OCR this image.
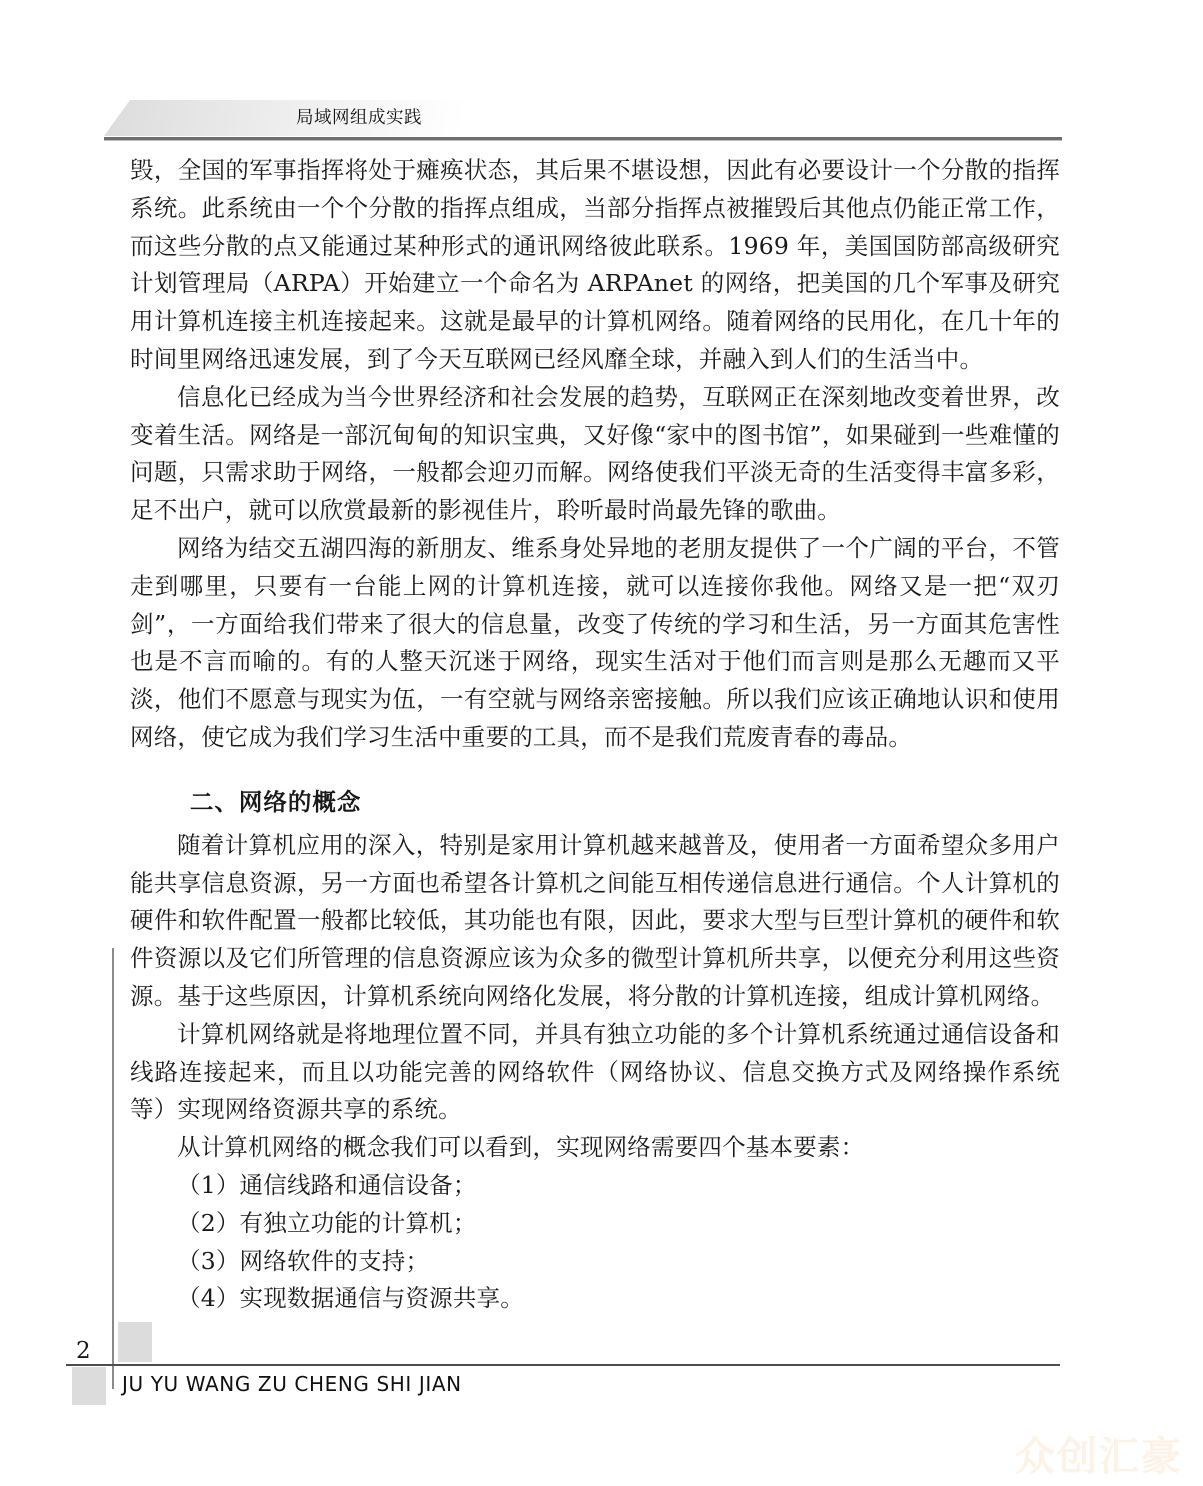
局域网组成实践

毁，全国的军事指挥将处于瘫痪状态，其后果不堪设想，因此有必要设计一个分散的指挥系统。此系统由一个个分散的指挥点组成，当部分指挥点被摧毁后其他点仍能正常工作，而这些分散的点又能通过某种形式的通讯网络彼此联系。1969 年，美国国防部高级研究计划管理局（ARPA）开始建立一个命名为 ARPAnet 的网络，把美国的几个军事及研究用计算机连接主机连接起来。这就是最早的计算机网络。随着网络的民用化，在几十年的时间里网络迅速发展，到了今天互联网已经风靡全球，并融入到人们的生活当中。

信息化已经成为当今世界经济和社会发展的趋势，互联网正在深刻地改变着世界，改变着生活。网络是一部沉甸甸的知识宝典，又好像“家中的图书馆”，如果碰到一些难懂的问题，只需求助于网络，一般都会迎刃而解。网络使我们平淡无奇的生活变得丰富多彩，足不出户，就可以欣赏最新的影视佳片，聆听最时尚最先锋的歌曲。

网络为结交五湖四海的新朋友、维系身处异地的老朋友提供了一个广阔的平台，不管走到哪里，只要有一台能上网的计算机连接，就可以连接你我他。网络又是一把“双刃剑”，一方面给我们带来了很大的信息量，改变了传统的学习和生活，另一方面其危害性也是不言而喻的。有的人整天沉迷于网络，现实生活对于他们而言则是那么无趣而又平淡，他们不愿意与现实为伍，一有空就与网络亲密接触。所以我们应该正确地认识和使用网络，使它成为我们学习生活中重要的工具，而不是我们荒废青春的毒品。

二、网络的概念

随着计算机应用的深入，特别是家用计算机越来越普及，使用者一方面希望众多用户能共享信息资源，另一方面也希望各计算机之间能互相传递信息进行通信。个人计算机的硬件和软件配置一般都比较低，其功能也有限，因此，要求大型与巨型计算机的硬件和软件资源以及它们所管理的信息资源应该为众多的微型计算机所共享，以便充分利用这些资源。基于这些原因，计算机系统向网络化发展，将分散的计算机连接，组成计算机网络。

计算机网络就是将地理位置不同，并具有独立功能的多个计算机系统通过通信设备和线路连接起来，而且以功能完善的网络软件（网络协议、信息交换方式及网络操作系统等）实现网络资源共享的系统。

从计算机网络的概念我们可以看到，实现网络需要四个基本要素：

（1）通信线路和通信设备；
（2）有独立功能的计算机；
（3）网络软件的支持；
（4）实现数据通信与资源共享。
2
JU YU WANG ZU CHENG SHI JIAN
众创汇豪
